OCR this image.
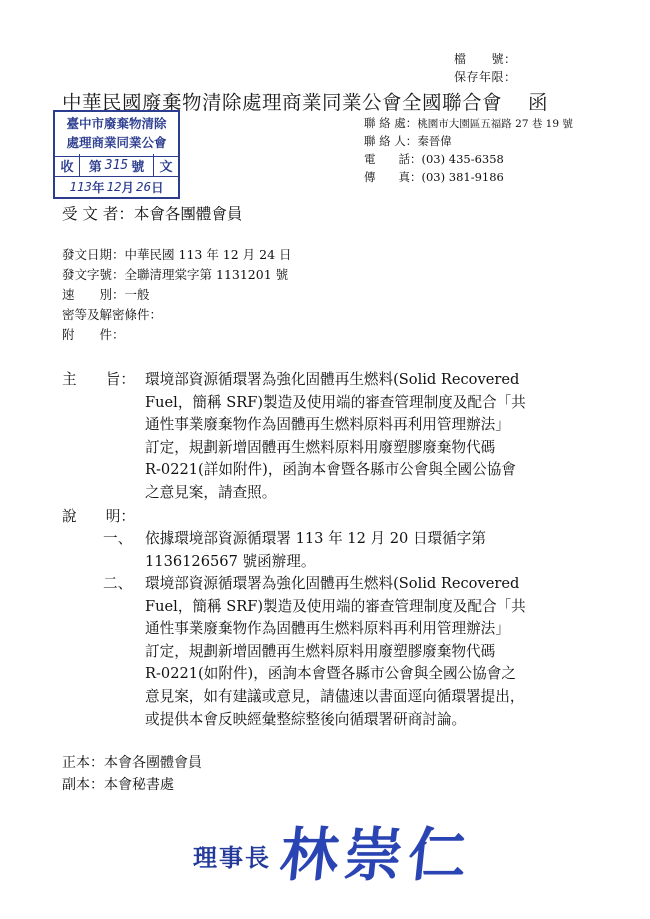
檔　　號：
保存年限：
中華民國廢棄物清除處理商業同業公會全國聯合會 函
臺中市廢棄物清除
處理商業同業公會
收	第 315 號	文
113 年 12 月 26 日
聯 絡 處：桃園市大園區五福路 27 巷 19 號
聯 絡 人：秦晉偉
電　　話：(03) 435-6358
傳　　真：(03) 381-9186
受 文 者：本會各團體會員
發文日期：中華民國 113 年 12 月 24 日
發文字號：全聯清理棠字第 1131201 號
速　　別：一般
密等及解密條件：
附　　件：
主　　旨： 環境部資源循環署為強化固體再生燃料(Solid Recovered
Fuel，簡稱 SRF)製造及使用端的審查管理制度及配合「共
通性事業廢棄物作為固體再生燃料原料再利用管理辦法」
訂定，規劃新增固體再生燃料原料用廢塑膠廢棄物代碼
R-0221(詳如附件)，函詢本會暨各縣市公會與全國公協會
之意見案，請查照。
說　　明：
一、 依據環境部資源循環署 113 年 12 月 20 日環循字第
1136126567 號函辦理。
二、 環境部資源循環署為強化固體再生燃料(Solid Recovered
Fuel，簡稱 SRF)製造及使用端的審查管理制度及配合「共
通性事業廢棄物作為固體再生燃料原料再利用管理辦法」
訂定，規劃新增固體再生燃料原料用廢塑膠廢棄物代碼
R-0221(如附件)，函詢本會暨各縣市公會與全國公協會之
意見案，如有建議或意見，請儘速以書面逕向循環署提出，
或提供本會反映經彙整綜整後向循環署研商討論。
正本：本會各團體會員
副本：本會秘書處
理事長 林崇仁
